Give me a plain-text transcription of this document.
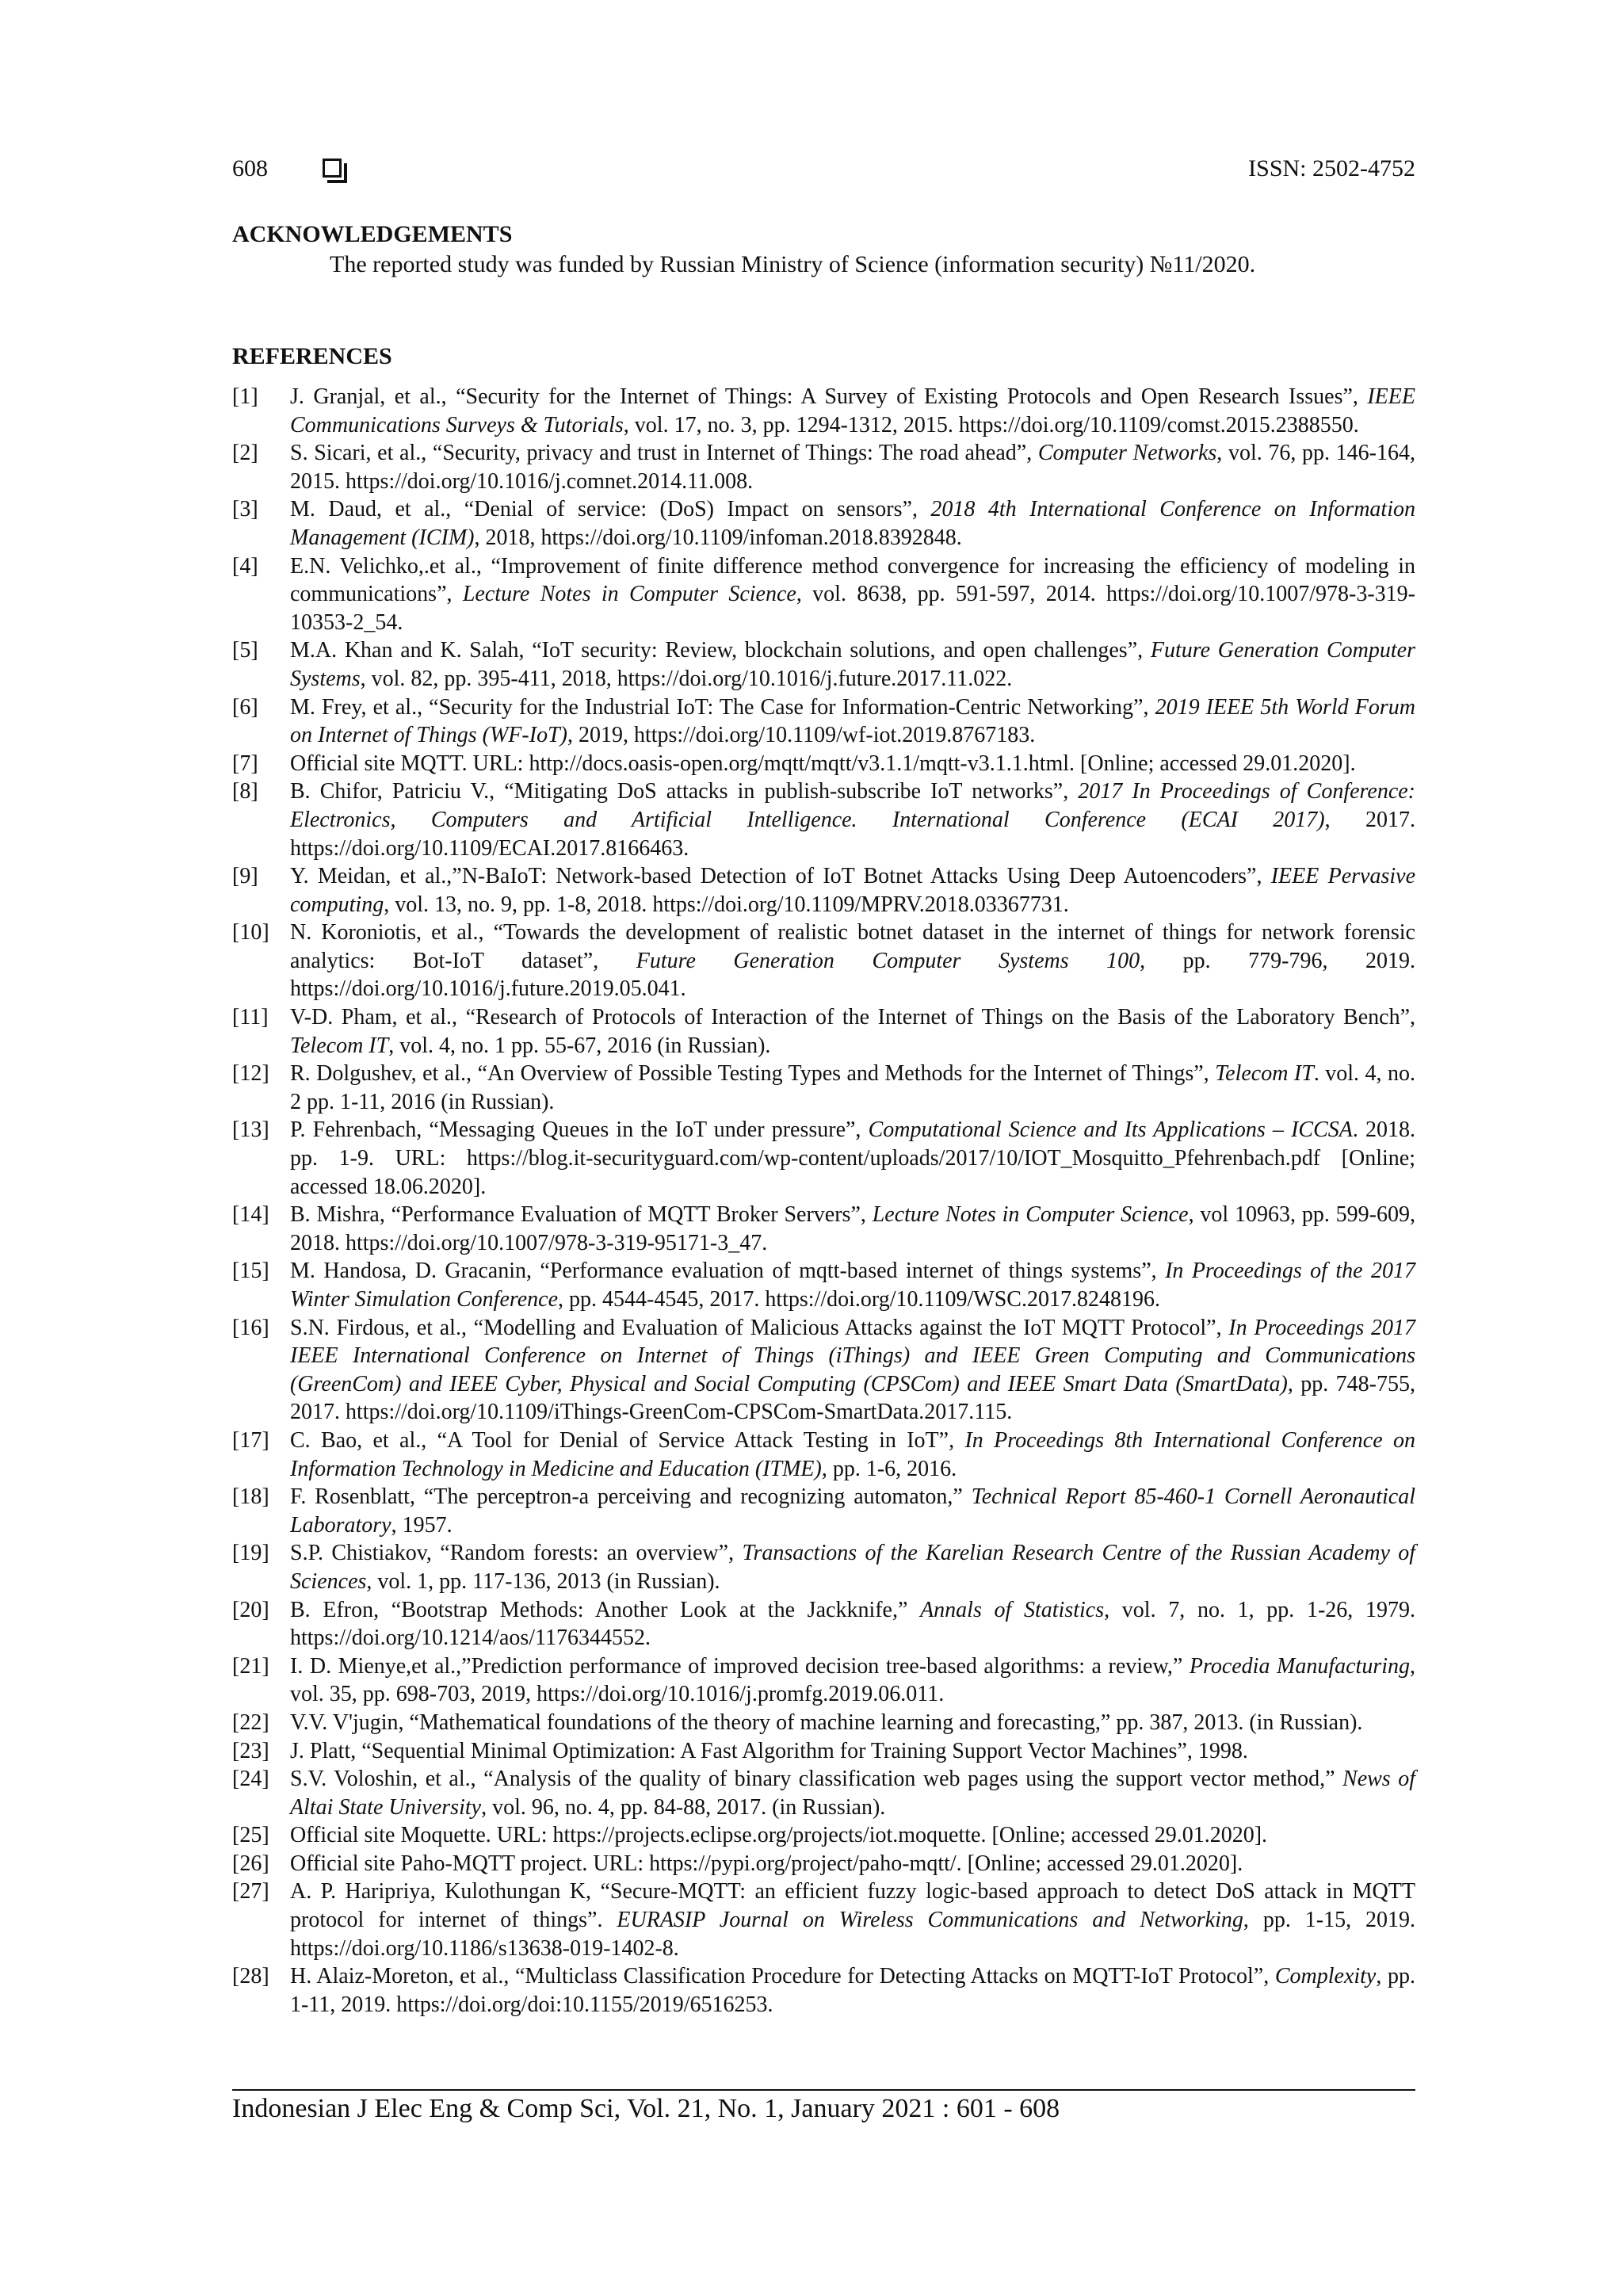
608	ISSN: 2502-4752
ACKNOWLEDGEMENTS
The reported study was funded by Russian Ministry of Science (information security) №11/2020.
REFERENCES
[1]	J. Granjal, et al., “Security for the Internet of Things: A Survey of Existing Protocols and Open Research Issues”, IEEE Communications Surveys & Tutorials, vol. 17, no. 3, pp. 1294-1312, 2015. https://doi.org/10.1109/comst.2015.2388550.
[2]	S. Sicari, et al., “Security, privacy and trust in Internet of Things: The road ahead”, Computer Networks, vol. 76, pp. 146-164, 2015. https://doi.org/10.1016/j.comnet.2014.11.008.
[3]	M. Daud, et al., “Denial of service: (DoS) Impact on sensors”, 2018 4th International Conference on Information Management (ICIM), 2018, https://doi.org/10.1109/infoman.2018.8392848.
[4]	E.N. Velichko,.et al., “Improvement of finite difference method convergence for increasing the efficiency of modeling in communications”, Lecture Notes in Computer Science, vol. 8638, pp. 591-597, 2014. https://doi.org/10.1007/978-3-319-10353-2_54.
[5]	M.A. Khan and K. Salah, “IoT security: Review, blockchain solutions, and open challenges”, Future Generation Computer Systems, vol. 82, pp. 395-411, 2018, https://doi.org/10.1016/j.future.2017.11.022.
[6]	M. Frey, et al., “Security for the Industrial IoT: The Case for Information-Centric Networking”, 2019 IEEE 5th World Forum on Internet of Things (WF-IoT), 2019, https://doi.org/10.1109/wf-iot.2019.8767183.
[7]	Official site MQTT. URL: http://docs.oasis-open.org/mqtt/mqtt/v3.1.1/mqtt-v3.1.1.html. [Online; accessed 29.01.2020].
[8]	B. Chifor, Patriciu V., “Mitigating DoS attacks in publish-subscribe IoT networks”, 2017 In Proceedings of Conference: Electronics, Computers and Artificial Intelligence. International Conference (ECAI 2017), 2017. https://doi.org/10.1109/ECAI.2017.8166463.
[9]	Y. Meidan, et al.,”N-BaIoT: Network-based Detection of IoT Botnet Attacks Using Deep Autoencoders”, IEEE Pervasive computing, vol. 13, no. 9, pp. 1-8, 2018. https://doi.org/10.1109/MPRV.2018.03367731.
[10] N. Koroniotis, et al., “Towards the development of realistic botnet dataset in the internet of things for network forensic analytics: Bot-IoT dataset”, Future Generation Computer Systems 100, pp. 779-796, 2019. https://doi.org/10.1016/j.future.2019.05.041.
[11] V-D. Pham, et al., “Research of Protocols of Interaction of the Internet of Things on the Basis of the Laboratory Bench”, Telecom IT, vol. 4, no. 1 pp. 55-67, 2016 (in Russian).
[12] R. Dolgushev, et al., “An Overview of Possible Testing Types and Methods for the Internet of Things”, Telecom IT. vol. 4, no. 2 pp. 1-11, 2016 (in Russian).
[13] P. Fehrenbach, “Messaging Queues in the IoT under pressure”, Computational Science and Its Applications – ICCSA. 2018. pp. 1-9. URL: https://blog.it-securityguard.com/wp-content/uploads/2017/10/IOT_Mosquitto_Pfehrenbach.pdf [Online; accessed 18.06.2020].
[14] B. Mishra, “Performance Evaluation of MQTT Broker Servers”, Lecture Notes in Computer Science, vol 10963, pp. 599-609, 2018. https://doi.org/10.1007/978-3-319-95171-3_47.
[15] M. Handosa, D. Gracanin, “Performance evaluation of mqtt-based internet of things systems”, In Proceedings of the 2017 Winter Simulation Conference, pp. 4544-4545, 2017. https://doi.org/10.1109/WSC.2017.8248196.
[16] S.N. Firdous, et al., “Modelling and Evaluation of Malicious Attacks against the IoT MQTT Protocol”, In Proceedings 2017 IEEE International Conference on Internet of Things (iThings) and IEEE Green Computing and Communications (GreenCom) and IEEE Cyber, Physical and Social Computing (CPSCom) and IEEE Smart Data (SmartData), pp. 748-755, 2017. https://doi.org/10.1109/iThings-GreenCom-CPSCom-SmartData.2017.115.
[17] C. Bao, et al., “A Tool for Denial of Service Attack Testing in IoT”, In Proceedings 8th International Conference on Information Technology in Medicine and Education (ITME), pp. 1-6, 2016.
[18] F. Rosenblatt, “The perceptron-a perceiving and recognizing automaton,” Technical Report 85-460-1 Cornell Aeronautical Laboratory, 1957.
[19] S.P. Chistiakov, “Random forests: an overview”, Transactions of the Karelian Research Centre of the Russian Academy of Sciences, vol. 1, pp. 117-136, 2013 (in Russian).
[20] B. Efron, “Bootstrap Methods: Another Look at the Jackknife,” Annals of Statistics, vol. 7, no. 1, pp. 1-26, 1979. https://doi.org/10.1214/aos/1176344552.
[21] I. D. Mienye,et al.,”Prediction performance of improved decision tree-based algorithms: a review,” Procedia Manufacturing, vol. 35, pp. 698-703, 2019, https://doi.org/10.1016/j.promfg.2019.06.011.
[22] V.V. V'jugin, “Mathematical foundations of the theory of machine learning and forecasting,” pp. 387, 2013. (in Russian).
[23] J. Platt, “Sequential Minimal Optimization: A Fast Algorithm for Training Support Vector Machines”, 1998.
[24] S.V. Voloshin, et al., “Analysis of the quality of binary classification web pages using the support vector method,” News of Altai State University, vol. 96, no. 4, pp. 84-88, 2017. (in Russian).
[25] Official site Moquette. URL: https://projects.eclipse.org/projects/iot.moquette. [Online; accessed 29.01.2020].
[26] Official site Paho-MQTT project. URL: https://pypi.org/project/paho-mqtt/. [Online; accessed 29.01.2020].
[27] A. P. Haripriya, Kulothungan K, “Secure-MQTT: an efficient fuzzy logic-based approach to detect DoS attack in MQTT protocol for internet of things”. EURASIP Journal on Wireless Communications and Networking, pp. 1-15, 2019. https://doi.org/10.1186/s13638-019-1402-8.
[28] H. Alaiz-Moreton, et al., “Multiclass Classification Procedure for Detecting Attacks on MQTT-IoT Protocol”, Complexity, pp. 1-11, 2019. https://doi.org/doi:10.1155/2019/6516253.
Indonesian J Elec Eng & Comp Sci, Vol. 21, No. 1, January 2021 : 601 - 608
